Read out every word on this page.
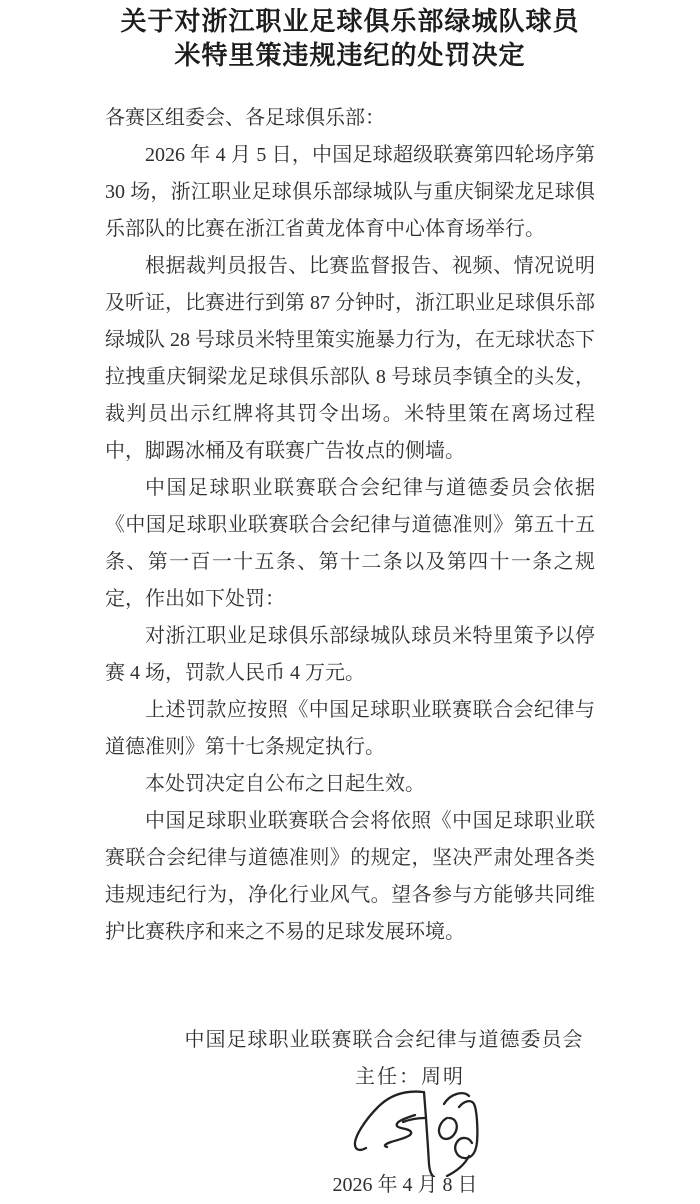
关于对浙江职业足球俱乐部绿城队球员
米特里策违规违纪的处罚决定

各赛区组委会、各足球俱乐部：

2026 年 4 月 5 日，中国足球超级联赛第四轮场序第 30 场，浙江职业足球俱乐部绿城队与重庆铜梁龙足球俱乐部队的比赛在浙江省黄龙体育中心体育场举行。

根据裁判员报告、比赛监督报告、视频、情况说明及听证，比赛进行到第 87 分钟时，浙江职业足球俱乐部绿城队 28 号球员米特里策实施暴力行为，在无球状态下拉拽重庆铜梁龙足球俱乐部队 8 号球员李镇全的头发，裁判员出示红牌将其罚令出场。米特里策在离场过程中，脚踢冰桶及有联赛广告妆点的侧墙。

中国足球职业联赛联合会纪律与道德委员会依据《中国足球职业联赛联合会纪律与道德准则》第五十五条、第一百一十五条、第十二条以及第四十一条之规定，作出如下处罚：

对浙江职业足球俱乐部绿城队球员米特里策予以停赛 4 场，罚款人民币 4 万元。

上述罚款应按照《中国足球职业联赛联合会纪律与道德准则》第十七条规定执行。

本处罚决定自公布之日起生效。

中国足球职业联赛联合会将依照《中国足球职业联赛联合会纪律与道德准则》的规定，坚决严肃处理各类违规违纪行为，净化行业风气。望各参与方能够共同维护比赛秩序和来之不易的足球发展环境。

中国足球职业联赛联合会纪律与道德委员会
主任：周明
2026 年 4 月 8 日
